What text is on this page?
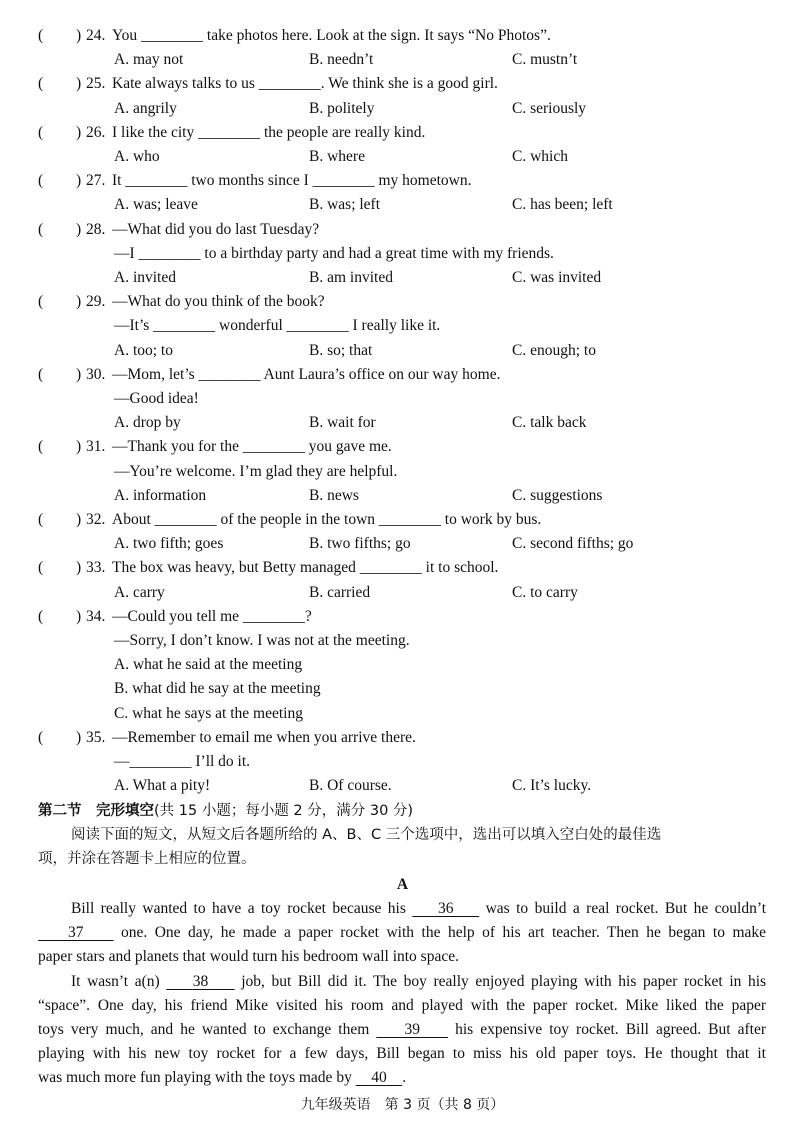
( ) 24. You ________ take photos here. Look at the sign. It says “No Photos”.
A. may not	B. needn’t	C. mustn’t
( ) 25. Kate always talks to us ________. We think she is a good girl.
A. angrily	B. politely	C. seriously
( ) 26. I like the city ________ the people are really kind.
A. who	B. where	C. which
( ) 27. It ________ two months since I ________ my hometown.
A. was; leave	B. was; left	C. has been; left
( ) 28. —What did you do last Tuesday?
—I ________ to a birthday party and had a great time with my friends.
A. invited	B. am invited	C. was invited
( ) 29. —What do you think of the book?
—It’s ________ wonderful ________ I really like it.
A. too; to	B. so; that	C. enough; to
( ) 30. —Mom, let’s ________ Aunt Laura’s office on our way home.
—Good idea!
A. drop by	B. wait for	C. talk back
( ) 31. —Thank you for the ________ you gave me.
—You’re welcome. I’m glad they are helpful.
A. information	B. news	C. suggestions
( ) 32. About ________ of the people in the town ________ to work by bus.
A. two fifth; goes	B. two fifths; go	C. second fifths; go
( ) 33. The box was heavy, but Betty managed ________ it to school.
A. carry	B. carried	C. to carry
( ) 34. —Could you tell me ________?
—Sorry, I don’t know. I was not at the meeting.
A. what he said at the meeting
B. what did he say at the meeting
C. what he says at the meeting
( ) 35. —Remember to email me when you arrive there.
—________ I’ll do it.
A. What a pity!	B. Of course.	C. It’s lucky.
第二节　完形填空(共 15 小题；每小题 2 分，满分 30 分)
阅读下面的短文，从短文后各题所给的 A、B、C 三个选项中，选出可以填入空白处的最佳选
项，并涂在答题卡上相应的位置。
A
Bill really wanted to have a toy rocket because his 36 was to build a real rocket. But he couldn’t
37 one. One day, he made a paper rocket with the help of his art teacher. Then he began to make
paper stars and planets that would turn his bedroom wall into space.
It wasn’t a(n) 38 job, but Bill did it. The boy really enjoyed playing with his paper rocket in his
“space”. One day, his friend Mike visited his room and played with the paper rocket. Mike liked the paper
toys very much, and he wanted to exchange them 39 his expensive toy rocket. Bill agreed. But after
playing with his new toy rocket for a few days, Bill began to miss his old paper toys. He thought that it
was much more fun playing with the toys made by 40 .
九年级英语　第 3 页（共 8 页）
